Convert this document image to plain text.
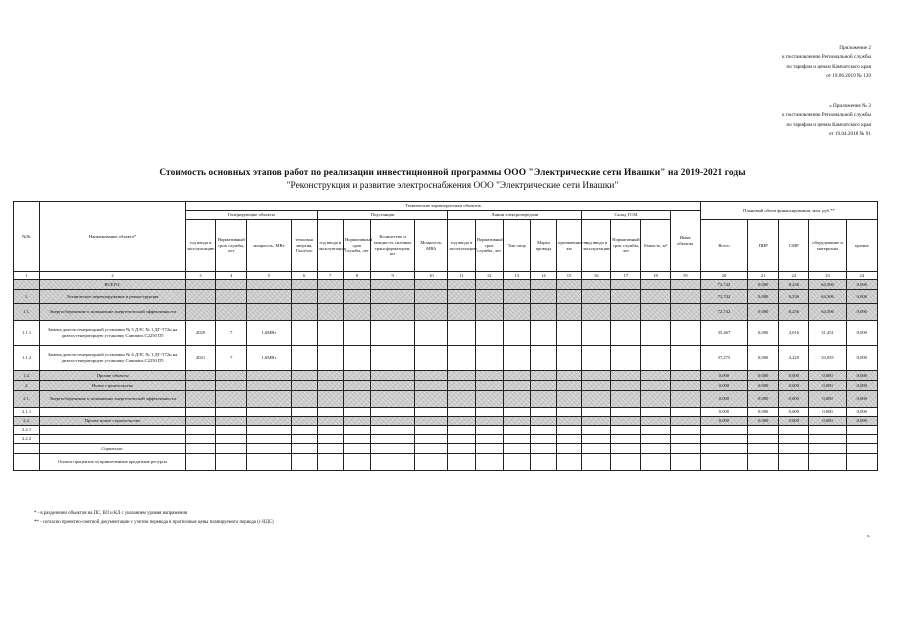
Приложение 2
к постановлению Региональной службы
по тарифам и ценам Камчатского края
от 19.06.2019 № 139
« Приложение № 2
к постановлению Региональной службы
по тарифам и ценам Камчатского края
от 19.04.2018 № 91
Стоимость основных этапов работ по реализации инвестиционной программы ООО "Электрические сети Ивашки" на 2019-2021 годы
"Реконструкция и развитие электроснабжения ООО "Электрические сети Ивашки"
№№	Наименование объекта*	Технические характеристики объектов																	Плановый объем финансирования, млн. руб.**				
		Генерирующие объекты				Подстанции				Линии электропередачи					Склад ГСМ			Иные объекты					
		год ввода в эксплуатацию	Нормативный срок службы, лет	мощность, МВт	тепловая энергия, Гкал/час	год ввода в эксплуатацию	Нормативный срок службы, лет	Количество и мощность силовых трансформаторов, шт	Мощность, МВА	год ввода в эксплуатацию	Нормативный срок службы, лет	Тип опор	Марка провода	протяженность, км	год ввода в эксплуатацию	Нормативный срок службы, лет	Емкость, м³		Всего	ПИР	СМР	оборудование и материалы	прочие
1	2	3	4	5	6	7	8	9	10	11	12	13	14	15	16	17	18	19	20	21	22	23	24
	ВСЕГО:																		72,742	0,000	8,236	64,506	0,000
1.	Техническое перевооружение и реконструкция																		72,742	0,000	8,236	64,506	0,000
1.1.	Энергосбережение и повышение энергетической эффективности																		72,742	0,000	8,236	64,506	0,000
1.1.1	Замена дизель-генераторной установки № 5 ДЭС № 1 ДГ-Т72н на дизель-генераторную установку Cummins C2250 D5	2020	7	1,6МВт															35,467	0,000	4,016	31,451	0,000
1.1.2	Замена дизель-генераторной установки № 6 ДЭС № 1 ДГ-Т72н на дизель-генераторную установку Cummins C2250 D5	2021	7	1,6МВт															37,275	0,000	4,220	33,055	0,000
1.2.	Прочие объекты																		0,000	0,000	0,000	0,000	0,000
2.	Новое строительство																		0,000	0,000	0,000	0,000	0,000
2.1.	Энергосбережение и повышение энергетической эффективности																		0,000	0,000	0,000	0,000	0,000
2.1.1																			0,000	0,000	0,000	0,000	0,000
2.2.	Прочее новое строительство																		0,000	0,000	0,000	0,000	0,000
2.2.1																							
2.2.2																							
	Справочно:																						
	Оплата процентов за привлеченные кредитные ресурсы																						
* - в разделении объектов на ПС, ВЛ и КЛ с указанием уровня напряжения
** - согласно проектно-сметной документации с учетом перевода в прогнозные цены планируемого периода (с НДС)
».
